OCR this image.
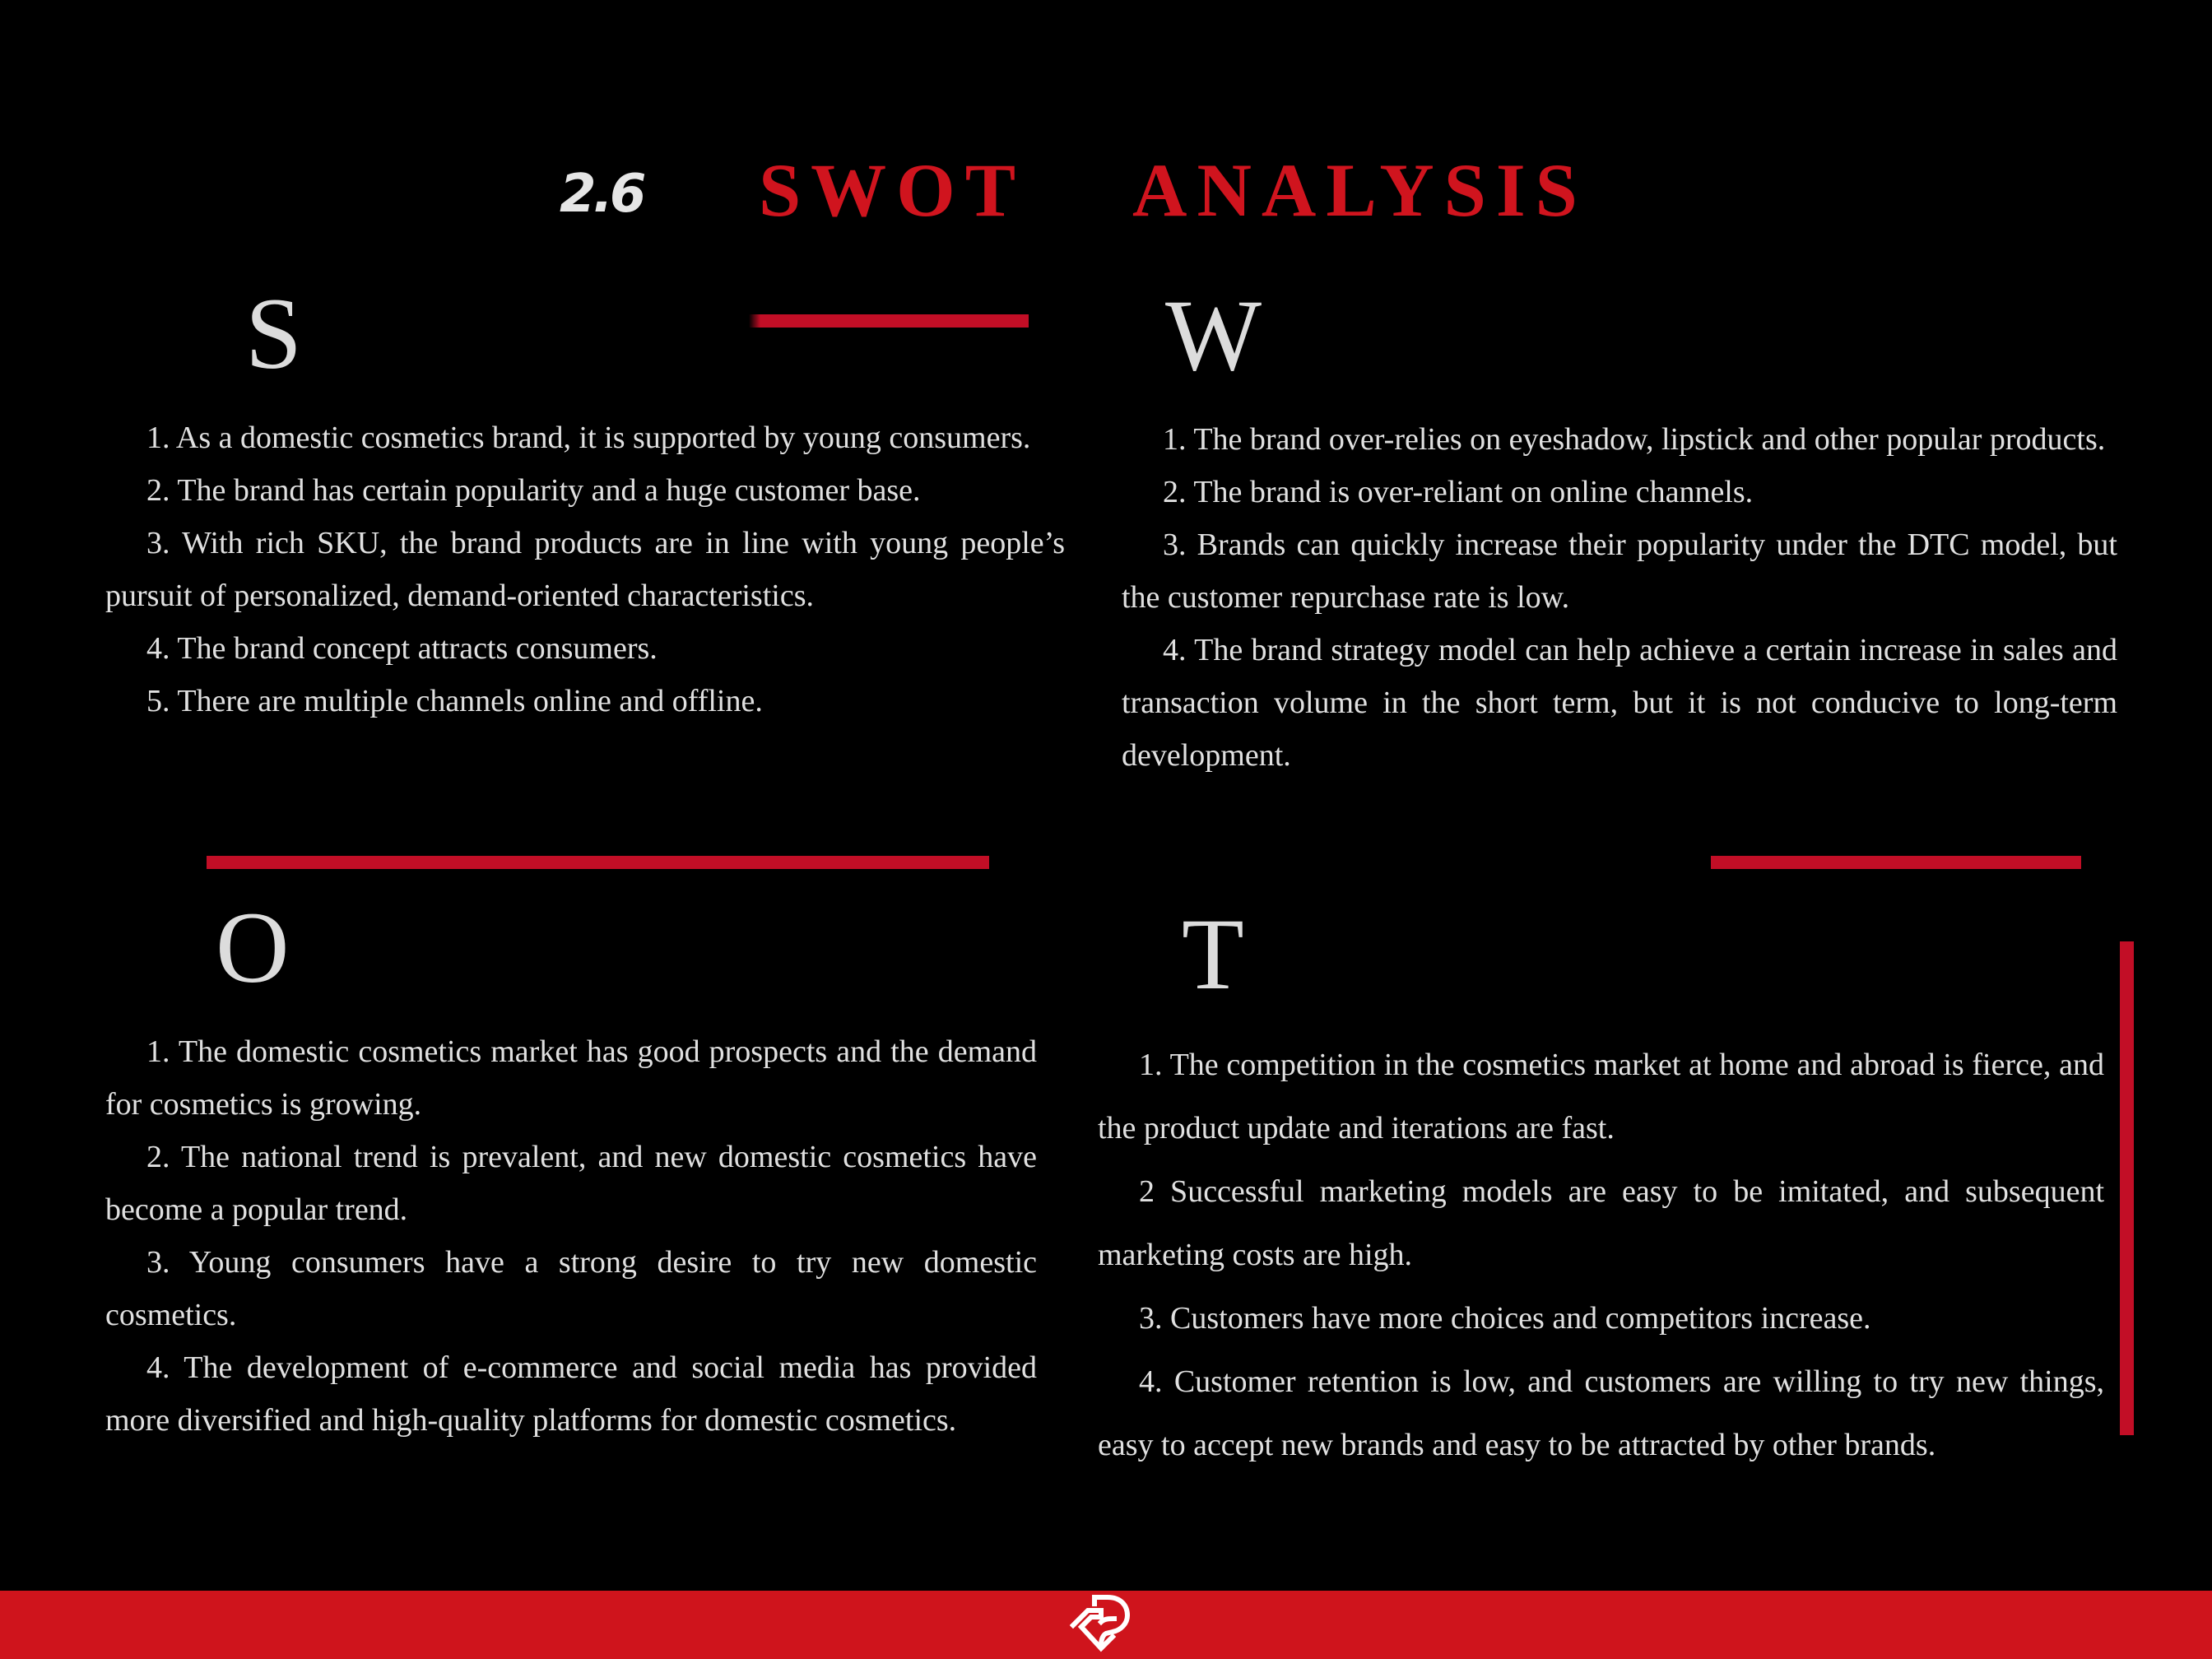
2.6 SWOT ANALYSIS
S

1. As a domestic cosmetics brand, it is supported by young consumers.

2. The brand has certain popularity and a huge customer base.

3. With rich SKU, the brand products are in line with young people’s pursuit of personalized, demand-oriented characteristics.

4. The brand concept attracts consumers.

5. There are multiple channels online and offline.

W

1. The brand over-relies on eyeshadow, lipstick and other popular products.

2. The brand is over-reliant on online channels.

3. Brands can quickly increase their popularity under the DTC model, but the customer repurchase rate is low.

4. The brand strategy model can help achieve a certain increase in sales and transaction volume in the short term, but it is not conducive to long-term development.

O

1. The domestic cosmetics market has good prospects and the demand for cosmetics is growing.

2. The national trend is prevalent, and new domestic cosmetics have become a popular trend.

3. Young consumers have a strong desire to try new domestic cosmetics.

4. The development of e-commerce and social media has provided more diversified and high-quality platforms for domestic cosmetics.

T

1. The competition in the cosmetics market at home and abroad is fierce, and the product update and iterations are fast.

2 Successful marketing models are easy to be imitated, and subsequent marketing costs are high.

3. Customers have more choices and competitors increase.

4. Customer retention is low, and customers are willing to try new things, easy to accept new brands and easy to be attracted by other brands.
